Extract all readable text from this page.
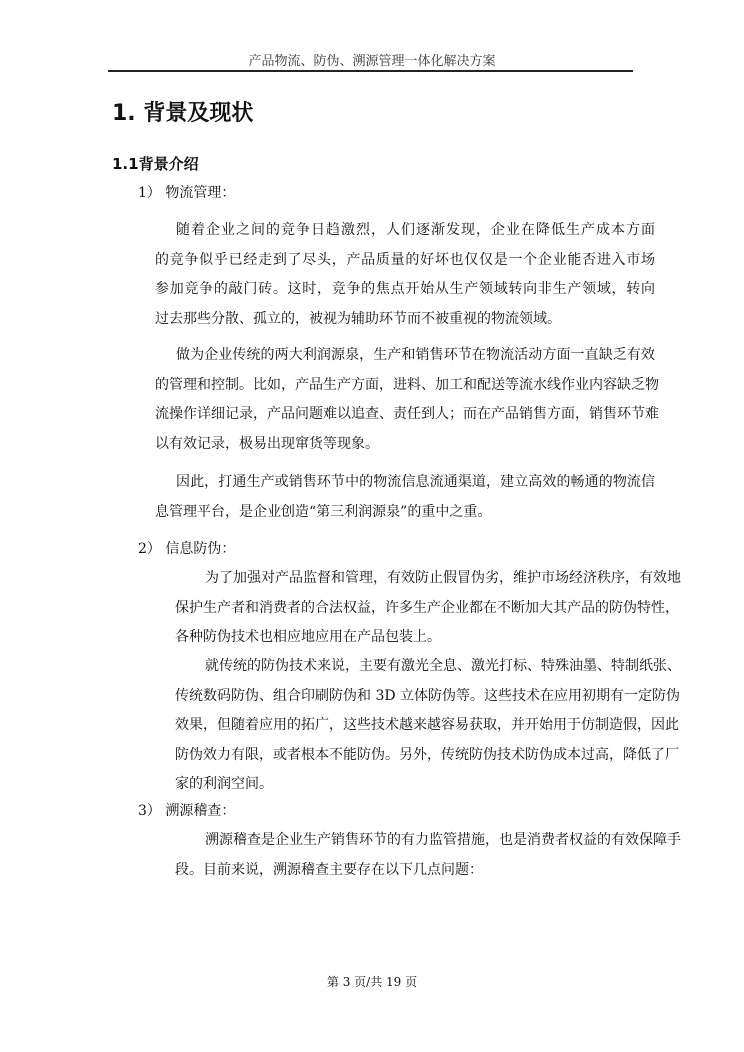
产品物流、防伪、溯源管理一体化解决方案
1. 背景及现状
1.1背景介绍
1） 物流管理：
随着企业之间的竞争日趋激烈，人们逐渐发现，企业在降低生产成本方面
的竞争似乎已经走到了尽头，产品质量的好坏也仅仅是一个企业能否进入市场
参加竞争的敲门砖。这时，竞争的焦点开始从生产领域转向非生产领域，转向
过去那些分散、孤立的，被视为辅助环节而不被重视的物流领域。
做为企业传统的两大利润源泉，生产和销售环节在物流活动方面一直缺乏有效
的管理和控制。比如，产品生产方面，进料、加工和配送等流水线作业内容缺乏物
流操作详细记录，产品问题难以追查、责任到人；而在产品销售方面，销售环节难
以有效记录，极易出现窜货等现象。
因此，打通生产或销售环节中的物流信息流通渠道，建立高效的畅通的物流信
息管理平台，是企业创造“第三利润源泉”的重中之重。
2） 信息防伪：
为了加强对产品监督和管理，有效防止假冒伪劣，维护市场经济秩序，有效地
保护生产者和消费者的合法权益，许多生产企业都在不断加大其产品的防伪特性，
各种防伪技术也相应地应用在产品包装上。
就传统的防伪技术来说，主要有激光全息、激光打标、特殊油墨、特制纸张、
传统数码防伪、组合印刷防伪和 3D 立体防伪等。这些技术在应用初期有一定防伪
效果，但随着应用的拓广，这些技术越来越容易获取，并开始用于仿制造假，因此
防伪效力有限，或者根本不能防伪。另外，传统防伪技术防伪成本过高，降低了厂
家的利润空间。
3） 溯源稽查：
溯源稽查是企业生产销售环节的有力监管措施，也是消费者权益的有效保障手
段。目前来说，溯源稽查主要存在以下几点问题：
第 3 页/共 19 页
